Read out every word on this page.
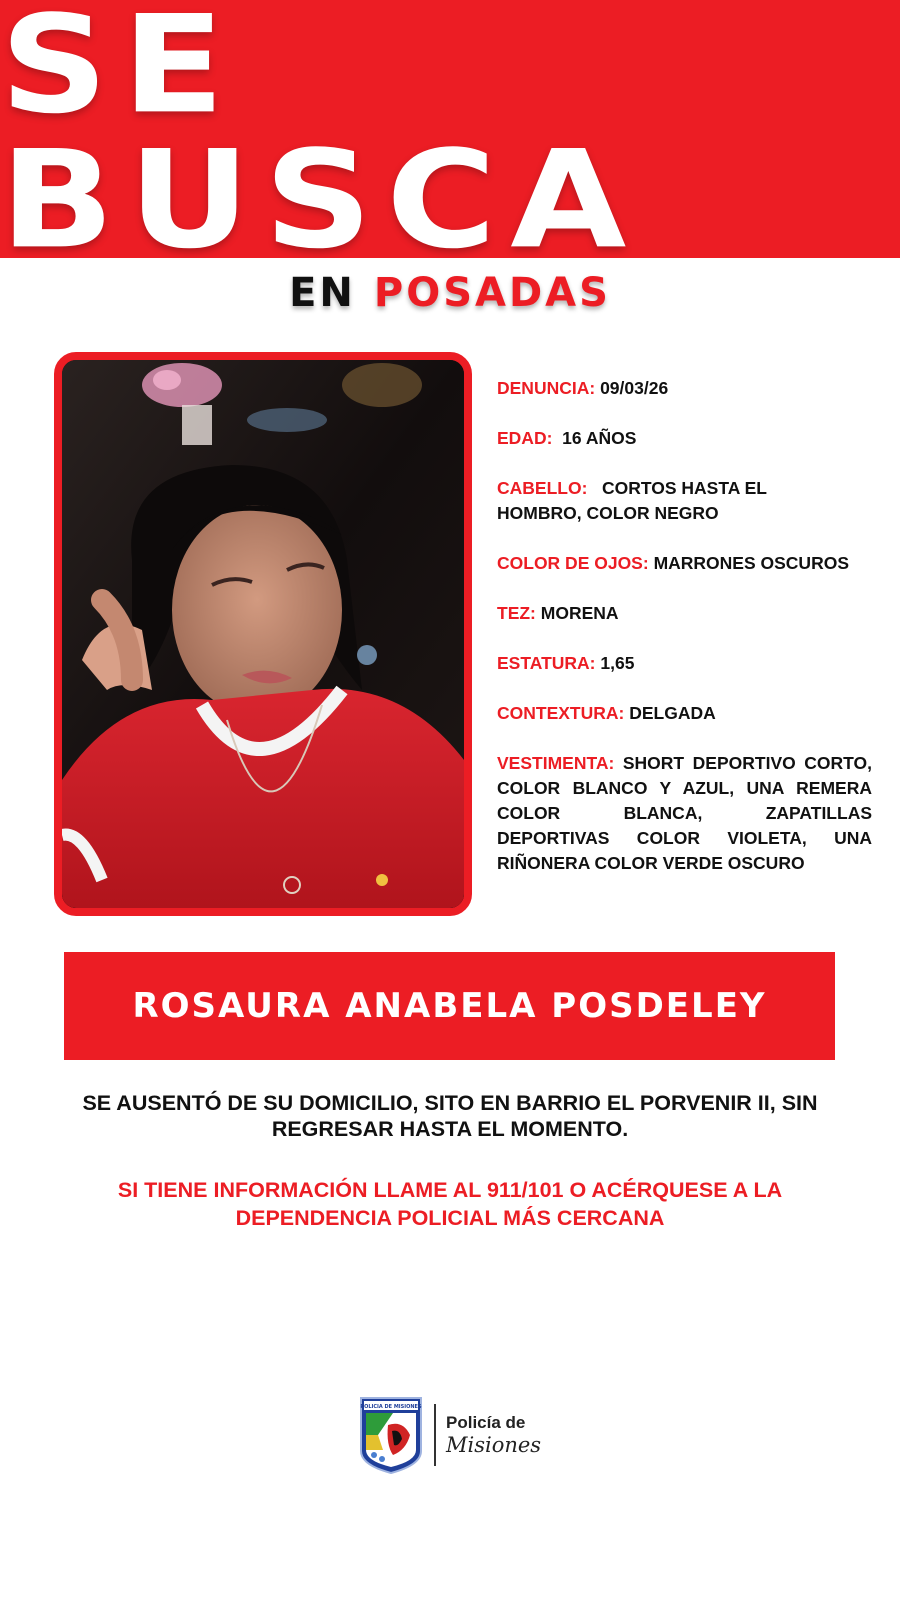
SE BUSCA
EN POSADAS
DENUNCIA: 09/03/26
EDAD: 16 AÑOS
CABELLO: CORTOS HASTA EL HOMBRO, COLOR NEGRO
COLOR DE OJOS: MARRONES OSCUROS
TEZ: MORENA
ESTATURA: 1,65
CONTEXTURA: DELGADA
VESTIMENTA: SHORT DEPORTIVO CORTO, COLOR BLANCO Y AZUL, UNA REMERA COLOR BLANCA, ZAPATILLAS DEPORTIVAS COLOR VIOLETA, UNA RIÑONERA COLOR VERDE OSCURO
ROSAURA ANABELA POSDELEY
SE AUSENTÓ DE SU DOMICILIO, SITO EN BARRIO EL PORVENIR II, SIN REGRESAR HASTA EL MOMENTO.
SI TIENE INFORMACIÓN LLAME AL 911/101 O ACÉRQUESE A LA DEPENDENCIA POLICIAL MÁS CERCANA
POLICIA DE MISIONES
Policía de
Misiones
